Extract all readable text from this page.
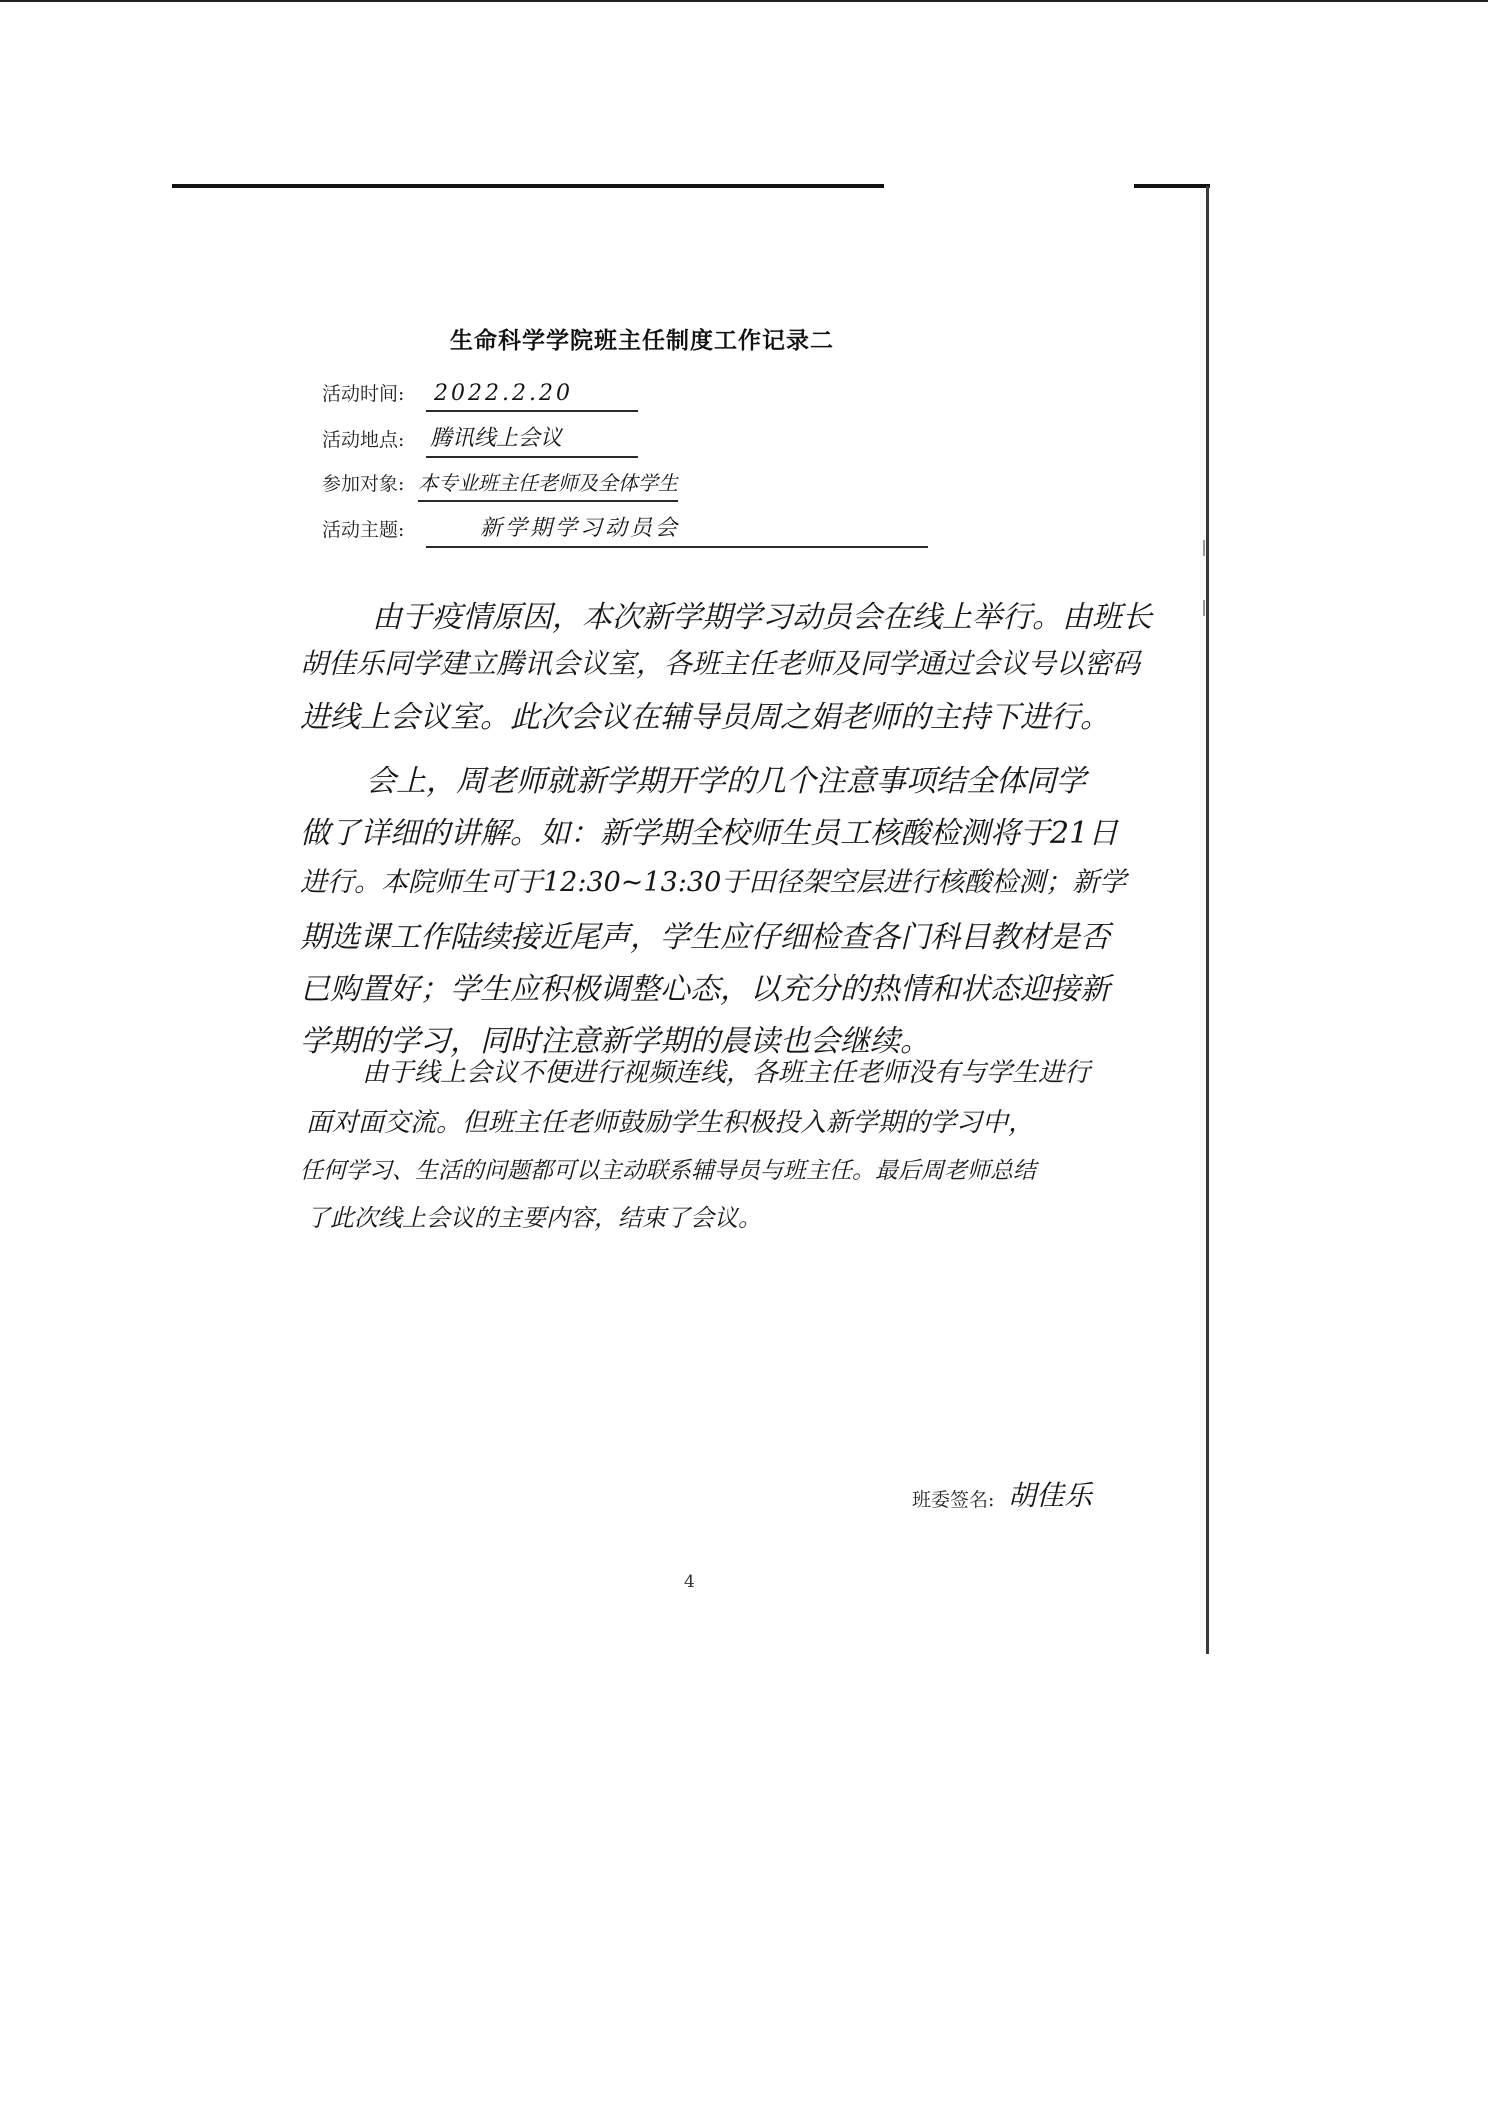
生命科学学院班主任制度工作记录二
活动时间: 2022.2.20
活动地点: 腾讯线上会议
参加对象: 本专业班主任老师及全体学生
活动主题:	新学期学习动员会
由于疫情原因，本次新学期学习动员会在线上举行。由班长
胡佳乐同学建立腾讯会议室，各班主任老师及同学通过会议号以密码
进线上会议室。此次会议在辅导员周之娟老师的主持下进行。
会上，周老师就新学期开学的几个注意事项结全体同学
做了详细的讲解。如：新学期全校师生员工核酸检测将于21日
进行。本院师生可于12:30~13:30于田径架空层进行核酸检测；新学
期选课工作陆续接近尾声，学生应仔细检查各门科目教材是否
已购置好；学生应积极调整心态，以充分的热情和状态迎接新
学期的学习，同时注意新学期的晨读也会继续。
由于线上会议不便进行视频连线，各班主任老师没有与学生进行
面对面交流。但班主任老师鼓励学生积极投入新学期的学习中，
任何学习、生活的问题都可以主动联系辅导员与班主任。最后周老师总结
了此次线上会议的主要内容，结束了会议。
班委签名: 胡佳乐
4
